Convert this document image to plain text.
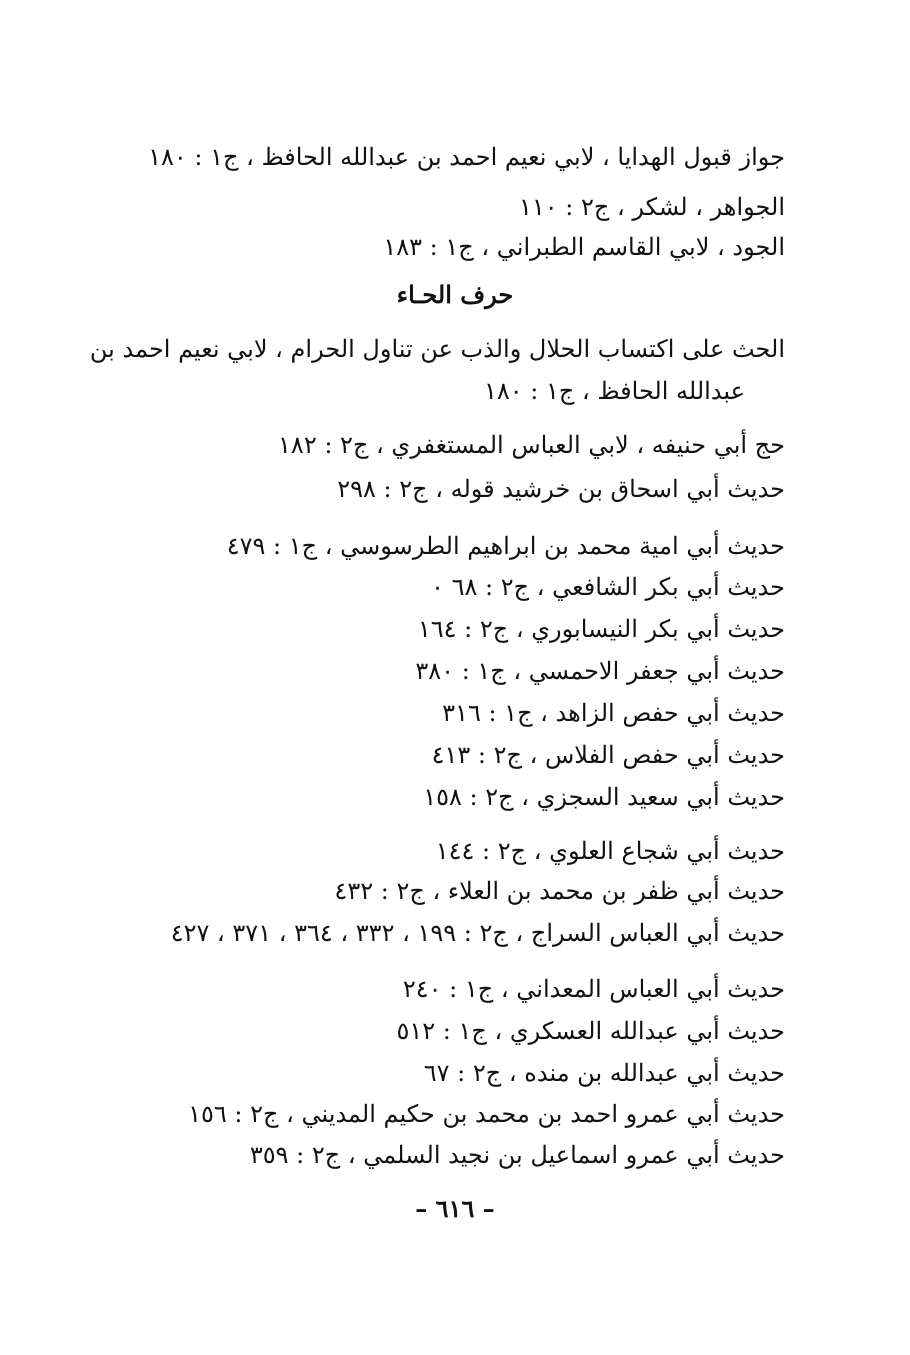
جواز قبول الهدايا ، لابي نعيم احمد بن عبدالله الحافظ ، ج١ : ١٨٠
الجواهر ، لشكر ، ج٢ : ١١٠
الجود ، لابي القاسم الطبراني ، ج١ : ١٨٣
حرف الحـاء
الحث على اكتساب الحلال والذب عن تناول الحرام ، لابي نعيم احمد بن
عبدالله الحافظ ، ج١ : ١٨٠
حج أبي حنيفه ، لابي العباس المستغفري ، ج٢ : ١٨٢
حديث أبي اسحاق بن خرشيد قوله ، ج٢ : ٢٩٨
حديث أبي امية محمد بن ابراهيم الطرسوسي ، ج١ : ٤٧٩
حديث أبي بكر الشافعي ، ج٢ : ٦٨ ٠
حديث أبي بكر النيسابوري ، ج٢ : ١٦٤
حديث أبي جعفر الاحمسي ، ج١ : ٣٨٠
حديث أبي حفص الزاهد ، ج١ : ٣١٦
حديث أبي حفص الفلاس ، ج٢ : ٤١٣
حديث أبي سعيد السجزي ، ج٢ : ١٥٨
حديث أبي شجاع العلوي ، ج٢ : ١٤٤
حديث أبي ظفر بن محمد بن العلاء ، ج٢ : ٤٣٢
حديث أبي العباس السراج ، ج٢ : ١٩٩ ، ٣٣٢ ، ٣٦٤ ، ٣٧١ ، ٤٢٧
حديث أبي العباس المعداني ، ج١ : ٢٤٠
حديث أبي عبدالله العسكري ، ج١ : ٥١٢
حديث أبي عبدالله بن منده ، ج٢ : ٦٧
حديث أبي عمرو احمد بن محمد بن حكيم المديني ، ج٢ : ١٥٦
حديث أبي عمرو اسماعيل بن نجيد السلمي ، ج٢ : ٣٥٩
– ٦١٦ –
